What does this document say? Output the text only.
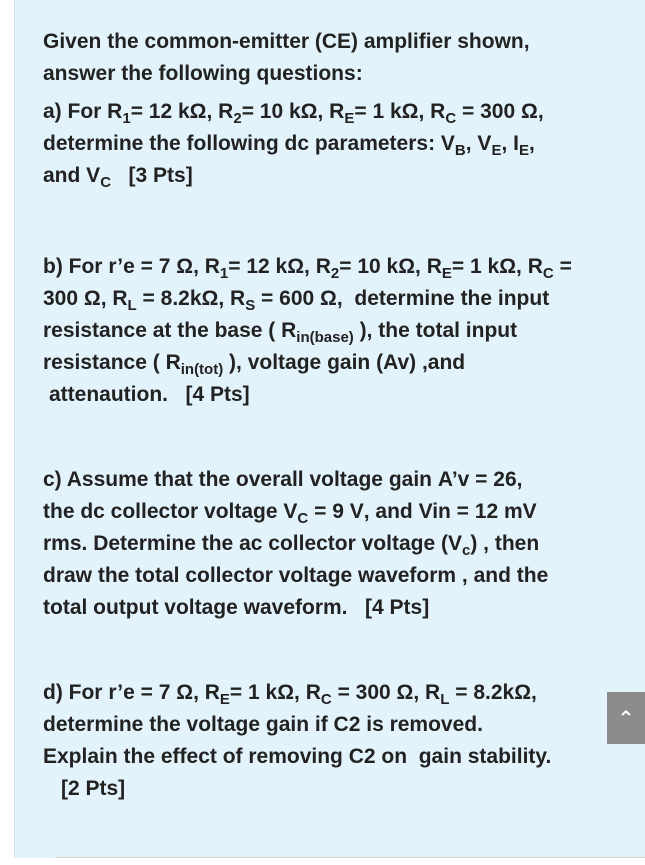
Given the common-emitter (CE) amplifier shown,
answer the following questions:
a) For $R_1= 12$ kΩ, $R_2= 10$ kΩ, $R_E= 1$ kΩ, $R_C = 300$ Ω,
determine the following dc parameters: $V_B$, $V_E$, $I_E$,
and $V_C$   [3 Pts]
b) For r’e = 7 Ω, $R_1= 12$ kΩ, $R_2= 10$ kΩ, $R_E= 1$ kΩ, $R_C$ =
300 Ω, $R_L = 8.2k\Omega$, $R_S = 600$ Ω,  determine the input
resistance at the base ( $R_{in(base)}$ ), the total input
resistance ( $R_{in(tot)}$ ), voltage gain (Av) ,and
attenaution.   [4 Pts]
c) Assume that the overall voltage gain A’v = 26,
the dc collector voltage $V_C = 9$ V, and Vin = 12 mV
rms. Determine the ac collector voltage $(V_c)$ , then
draw the total collector voltage waveform , and the
total output voltage waveform.   [4 Pts]
d) For r’e = 7 Ω, $R_E= 1$ kΩ, $R_C = 300$ Ω, $R_L = 8.2k\Omega$,
determine the voltage gain if C2 is removed.
Explain the effect of removing C2 on  gain stability.
[2 Pts]
⌃
